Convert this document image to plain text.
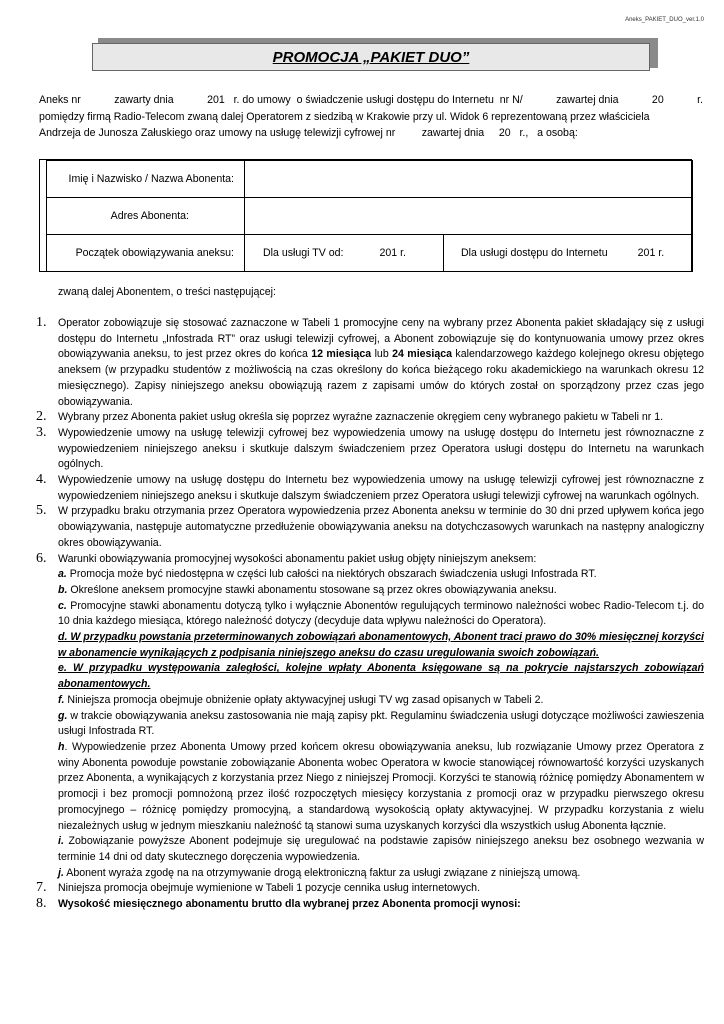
Aneks_PAKIET_DUO_ver.1.0
PROMOCJA „PAKIET DUO”
Aneks nr	zawarty dnia	201   r. do umowy  o świadczenie usługi dostępu do Internetu  nr N/	zawartej dnia	20	r.
pomiędzy firmą Radio-Telecom zwaną dalej Operatorem z siedzibą w Krakowie przy ul. Widok 6 reprezentowaną przez właściciela
Andrzeja de Junosza Załuskiego oraz umowy na usługę telewizji cyfrowej nr         zawartej dnia     20   r.,   a osobą:
Imię i Nazwisko / Nazwa Abonenta:
Adres Abonenta:
Początek obowiązywania aneksu:	Dla usługi TV od:	201 r.	Dla usługi dostępu do Internetu	201 r.
zwaną dalej Abonentem, o treści następującej:
1. Operator zobowiązuje się stosować zaznaczone w Tabeli 1 promocyjne ceny na wybrany przez Abonenta pakiet składający się z usługi dostępu do Internetu „Infostrada RT” oraz usługi telewizji cyfrowej, a Abonent zobowiązuje się do kontynuowania umowy przez okres obowiązywania aneksu, to jest przez okres do końca 12 miesiąca lub 24 miesiąca kalendarzowego każdego kolejnego okresu objętego aneksem (w przypadku studentów z możliwością na czas określony do końca bieżącego roku akademickiego na warunkach okresu 12 miesięcznego). Zapisy niniejszego aneksu obowiązują razem z zapisami umów do których został on sporządzony przez czas jego obowiązywania.
2. Wybrany przez Abonenta pakiet usług określa się poprzez wyraźne zaznaczenie okręgiem ceny wybranego pakietu w Tabeli nr 1.
3. Wypowiedzenie umowy na usługę telewizji cyfrowej bez wypowiedzenia umowy na usługę dostępu do Internetu jest równoznaczne z wypowiedzeniem niniejszego aneksu i skutkuje dalszym świadczeniem przez Operatora usługi dostępu do Internetu na warunkach ogólnych.
4. Wypowiedzenie umowy na usługę dostępu do Internetu bez wypowiedzenia umowy na usługę telewizji cyfrowej jest równoznaczne z wypowiedzeniem niniejszego aneksu i skutkuje dalszym świadczeniem przez Operatora usługi telewizji cyfrowej na warunkach ogólnych.
5. W przypadku braku otrzymania przez Operatora wypowiedzenia przez Abonenta aneksu w terminie do 30 dni przed upływem końca jego obowiązywania, następuje automatyczne przedłużenie obowiązywania aneksu na dotychczasowych warunkach na następny analogiczny okres obowiązywania.
6. Warunki obowiązywania promocyjnej wysokości abonamentu pakiet usług objęty niniejszym aneksem:
a. Promocja może być niedostępna w części lub całości na niektórych obszarach świadczenia usługi Infostrada RT.
b. Określone aneksem promocyjne stawki abonamentu stosowane są przez okres obowiązywania aneksu.
c. Promocyjne stawki abonamentu dotyczą tylko i wyłącznie Abonentów regulujących terminowo należności wobec Radio-Telecom t.j. do 10 dnia każdego miesiąca, którego należność dotyczy (decyduje data wpływu należności do Operatora).
d. W przypadku powstania przeterminowanych zobowiązań abonamentowych, Abonent traci prawo do 30% miesięcznej korzyści w abonamencie wynikających z podpisania niniejszego aneksu do czasu uregulowania swoich zobowiązań.
e. W przypadku występowania zaległości, kolejne wpłaty Abonenta księgowane są na pokrycie najstarszych zobowiązań abonamentowych.
f. Niniejsza promocja obejmuje obniżenie opłaty aktywacyjnej usługi TV wg zasad opisanych w Tabeli 2.
g. w trakcie obowiązywania aneksu zastosowania nie mają zapisy pkt. Regulaminu świadczenia usługi dotyczące możliwości zawieszenia usługi Infostrada RT.
h. Wypowiedzenie przez Abonenta Umowy przed końcem okresu obowiązywania aneksu, lub rozwiązanie Umowy przez Operatora z winy Abonenta powoduje powstanie zobowiązanie Abonenta wobec Operatora w kwocie stanowiącej równowartość korzyści uzyskanych przez Abonenta, a wynikających z korzystania przez Niego z niniejszej Promocji. Korzyści te stanowią różnicę pomiędzy Abonamentem w promocji i bez promocji pomnożoną przez ilość rozpoczętych miesięcy korzystania z promocji oraz w przypadku pierwszego okresu promocyjnego – różnicę pomiędzy promocyjną, a standardową wysokością opłaty aktywacyjnej. W przypadku korzystania z wielu niezależnych usług w jednym mieszkaniu należność tą stanowi suma uzyskanych korzyści dla wszystkich usług Abonenta łącznie.
i. Zobowiązanie powyższe Abonent podejmuje się uregulować na podstawie zapisów niniejszego aneksu bez osobnego wezwania w terminie 14 dni od daty skutecznego doręczenia wypowiedzenia.
j. Abonent wyraża zgodę na na otrzymywanie drogą elektroniczną faktur za usługi związane z niniejszą umową.
7. Niniejsza promocja obejmuje wymienione w Tabeli 1 pozycje cennika usług internetowych.
8. Wysokość miesięcznego abonamentu brutto dla wybranej przez Abonenta promocji wynosi:
